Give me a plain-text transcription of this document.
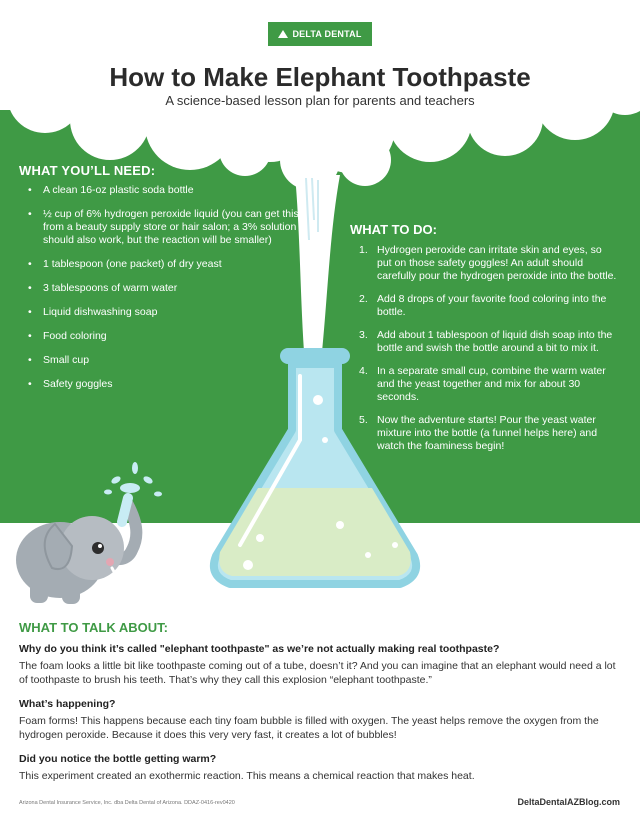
DELTA DENTAL
How to Make Elephant Toothpaste
A science-based lesson plan for parents and teachers
WHAT YOU’LL NEED:
• A clean 16-oz plastic soda bottle
• ½ cup of 6% hydrogen peroxide liquid (you can get this from a beauty supply store or hair salon; a 3% solution should also work, but the reaction will be smaller)
• 1 tablespoon (one packet) of dry yeast
• 3 tablespoons of warm water
• Liquid dishwashing soap
• Food coloring
• Small cup
• Safety goggles
WHAT TO DO:
1. Hydrogen peroxide can irritate skin and eyes, so put on those safety goggles! An adult should carefully pour the hydrogen peroxide into the bottle.
2. Add 8 drops of your favorite food coloring into the bottle.
3. Add about 1 tablespoon of liquid dish soap into the bottle and swish the bottle around a bit to mix it.
4. In a separate small cup, combine the warm water and the yeast together and mix for about 30 seconds.
5. Now the adventure starts! Pour the yeast water mixture into the bottle (a funnel helps here) and watch the foaminess begin!
WHAT TO TALK ABOUT:
Why do you think it’s called "elephant toothpaste" as we’re not actually making real toothpaste?
The foam looks a little bit like toothpaste coming out of a tube, doesn’t it? And you can imagine that an elephant would need a lot of toothpaste to brush his teeth. That’s why they call this explosion “elephant toothpaste.”
What’s happening?
Foam forms! This happens because each tiny foam bubble is filled with oxygen. The yeast helps remove the oxygen from the hydrogen peroxide. Because it does this very very fast, it creates a lot of bubbles!
Did you notice the bottle getting warm?
This experiment created an exothermic reaction. This means a chemical reaction that makes heat.
Arizona Dental Insurance Service, Inc. dba Delta Dental of Arizona. DDAZ-0416-rev0420	DeltaDentalAZBlog.com
